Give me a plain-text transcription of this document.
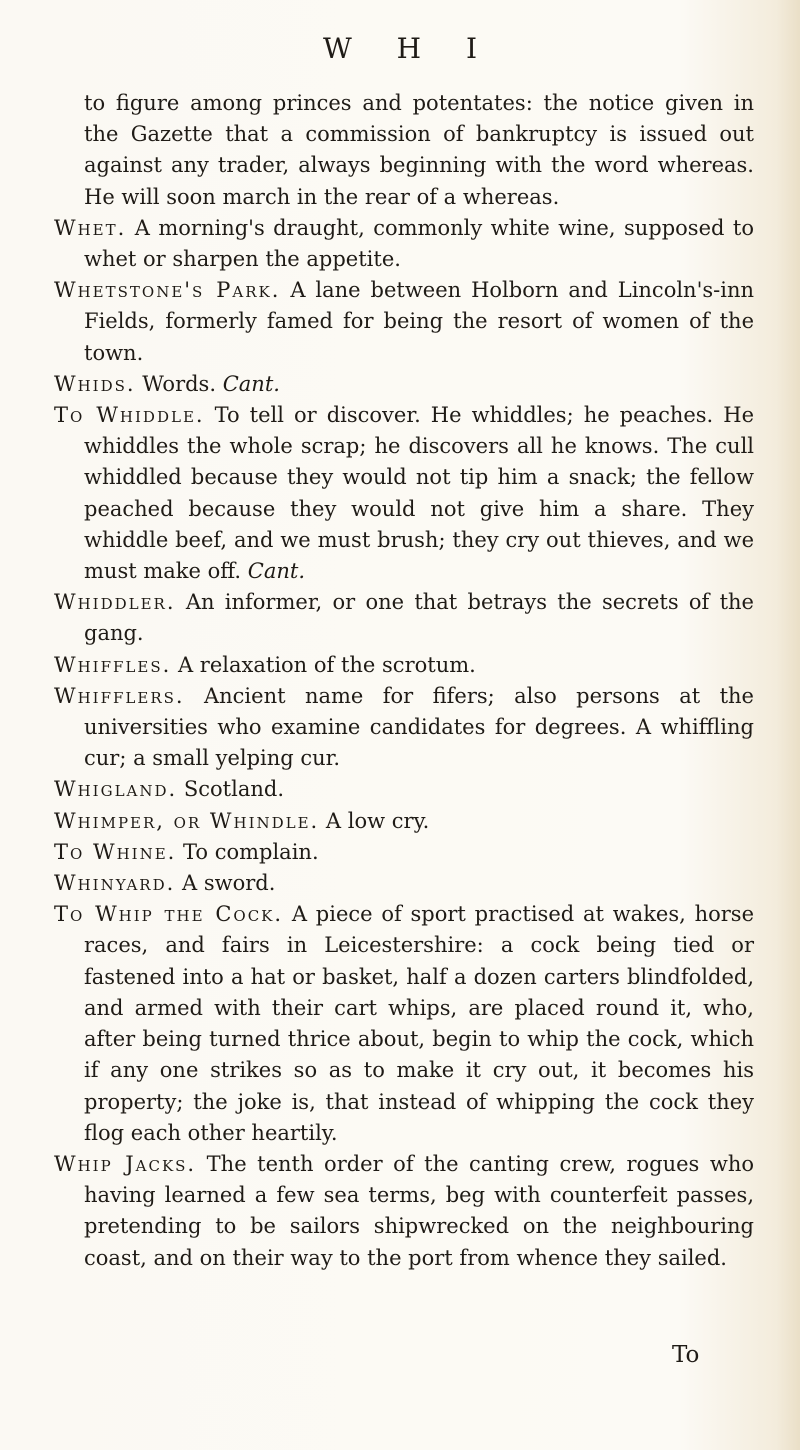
W H I

to figure among princes and potentates: the notice given in the Gazette that a commission of bankruptcy is issued out against any trader, always beginning with the word whereas. He will soon march in the rear of a whereas.

Whet. A morning's draught, commonly white wine, supposed to whet or sharpen the appetite.

Whetstone's Park. A lane between Holborn and Lincoln's-inn Fields, formerly famed for being the resort of women of the town.

Whids. Words. Cant.

To Whiddle. To tell or discover. He whiddles; he peaches. He whiddles the whole scrap; he discovers all he knows. The cull whiddled because they would not tip him a snack; the fellow peached because they would not give him a share. They whiddle beef, and we must brush; they cry out thieves, and we must make off. Cant.

Whiddler. An informer, or one that betrays the secrets of the gang.

Whiffles. A relaxation of the scrotum.

Whifflers. Ancient name for fifers; also persons at the universities who examine candidates for degrees. A whiffling cur; a small yelping cur.

Whigland. Scotland.

Whimper, or Whindle. A low cry.

To Whine. To complain.

Whinyard. A sword.

To Whip the Cock. A piece of sport practised at wakes, horse races, and fairs in Leicestershire: a cock being tied or fastened into a hat or basket, half a dozen carters blindfolded, and armed with their cart whips, are placed round it, who, after being turned thrice about, begin to whip the cock, which if any one strikes so as to make it cry out, it becomes his property; the joke is, that instead of whipping the cock they flog each other heartily.

Whip Jacks. The tenth order of the canting crew, rogues who having learned a few sea terms, beg with counterfeit passes, pretending to be sailors shipwrecked on the neighbouring coast, and on their way to the port from whence they sailed.

To
